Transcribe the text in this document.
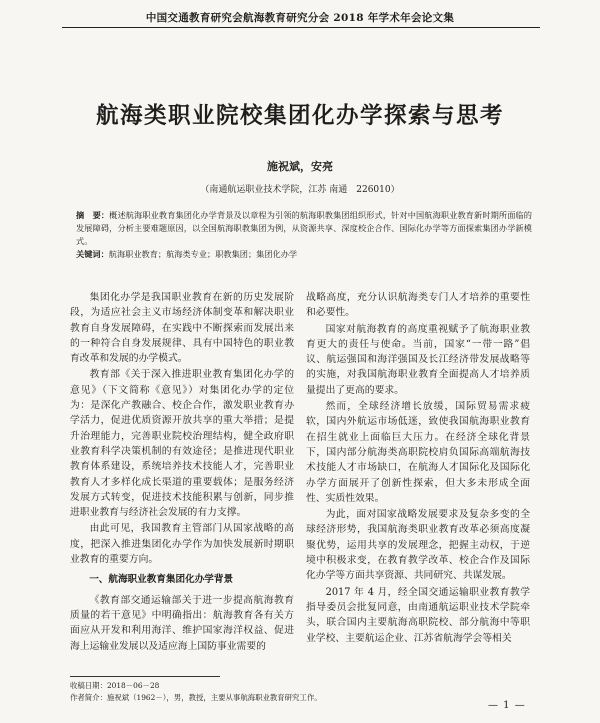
中国交通教育研究会航海教育研究分会 2018 年学术年会论文集
航海类职业院校集团化办学探索与思考
施祝斌，安亮
（南通航运职业技术学院，江苏 南通　226010）
摘　要：概述航海职业教育集团化办学背景及以章程为引领的航海职教集团组织形式，针对中国航海职业教育新时期所面临的发展障碍，分析主要难题原因，以全国航海职教集团为例，从资源共享、深度校企合作、国际化办学等方面探索集团办学新模式。
关键词：航海职业教育；航海类专业；职教集团；集团化办学

集团化办学是我国职业教育在新的历史发展阶段，为适应社会主义市场经济体制变革和解决职业教育自身发展障碍，在实践中不断探索而发展出来的一种符合自身发展规律、具有中国特色的职业教育改革和发展的办学模式。

教育部《关于深入推进职业教育集团化办学的意见》（下文简称《意见》）对集团化办学的定位为：是深化产教融合、校企合作，激发职业教育办学活力，促进优质资源开放共享的重大举措；是提升治理能力，完善职业院校治理结构，健全政府职业教育科学决策机制的有效途径；是推进现代职业教育体系建设，系统培养技术技能人才，完善职业教育人才多样化成长渠道的重要载体；是服务经济发展方式转变，促进技术技能积累与创新，同步推进职业教育与经济社会发展的有力支撑。

由此可见，我国教育主管部门从国家战略的高度，把深入推进集团化办学作为加快发展新时期职业教育的重要方向。

一、航海职业教育集团化办学背景

《教育部交通运输部关于进一步提高航海教育质量的若干意见》中明确指出：航海教育各有关方面应从开发和利用海洋、维护国家海洋权益、促进海上运输业发展以及适应海上国防事业需要的

战略高度，充分认识航海类专门人才培养的重要性和必要性。

国家对航海教育的高度重视赋予了航海职业教育更大的责任与使命。当前，国家“一带一路”倡议、航运强国和海洋强国及长江经济带发展战略等的实施，对我国航海职业教育全面提高人才培养质量提出了更高的要求。

然而，全球经济增长放缓，国际贸易需求疲软，国内外航运市场低迷，致使我国航海职业教育在招生就业上面临巨大压力。在经济全球化背景下，国内部分航海类高职院校肩负国际高端航海技术技能人才市场缺口，在航海人才国际化及国际化办学方面展开了创新性探索，但大多未形成全面性、实质性效果。

为此，面对国家战略发展要求及复杂多变的全球经济形势，我国航海类职业教育改革必须高度凝聚优势，运用共享的发展理念，把握主动权，于逆境中积极求变，在教育教学改革、校企合作及国际化办学等方面共享资源、共同研究、共谋发展。

2017 年 4 月，经全国交通运输职业教育教学指导委员会批复同意，由南通航运职业技术学院牵头，联合国内主要航海高职院校、部分航海中等职业学校、主要航运企业、江苏省航海学会等相关

收稿日期：2018－06－28
作者简介：施祝斌（1962－），男，教授，主要从事航海职业教育研究工作。
— 1 —
